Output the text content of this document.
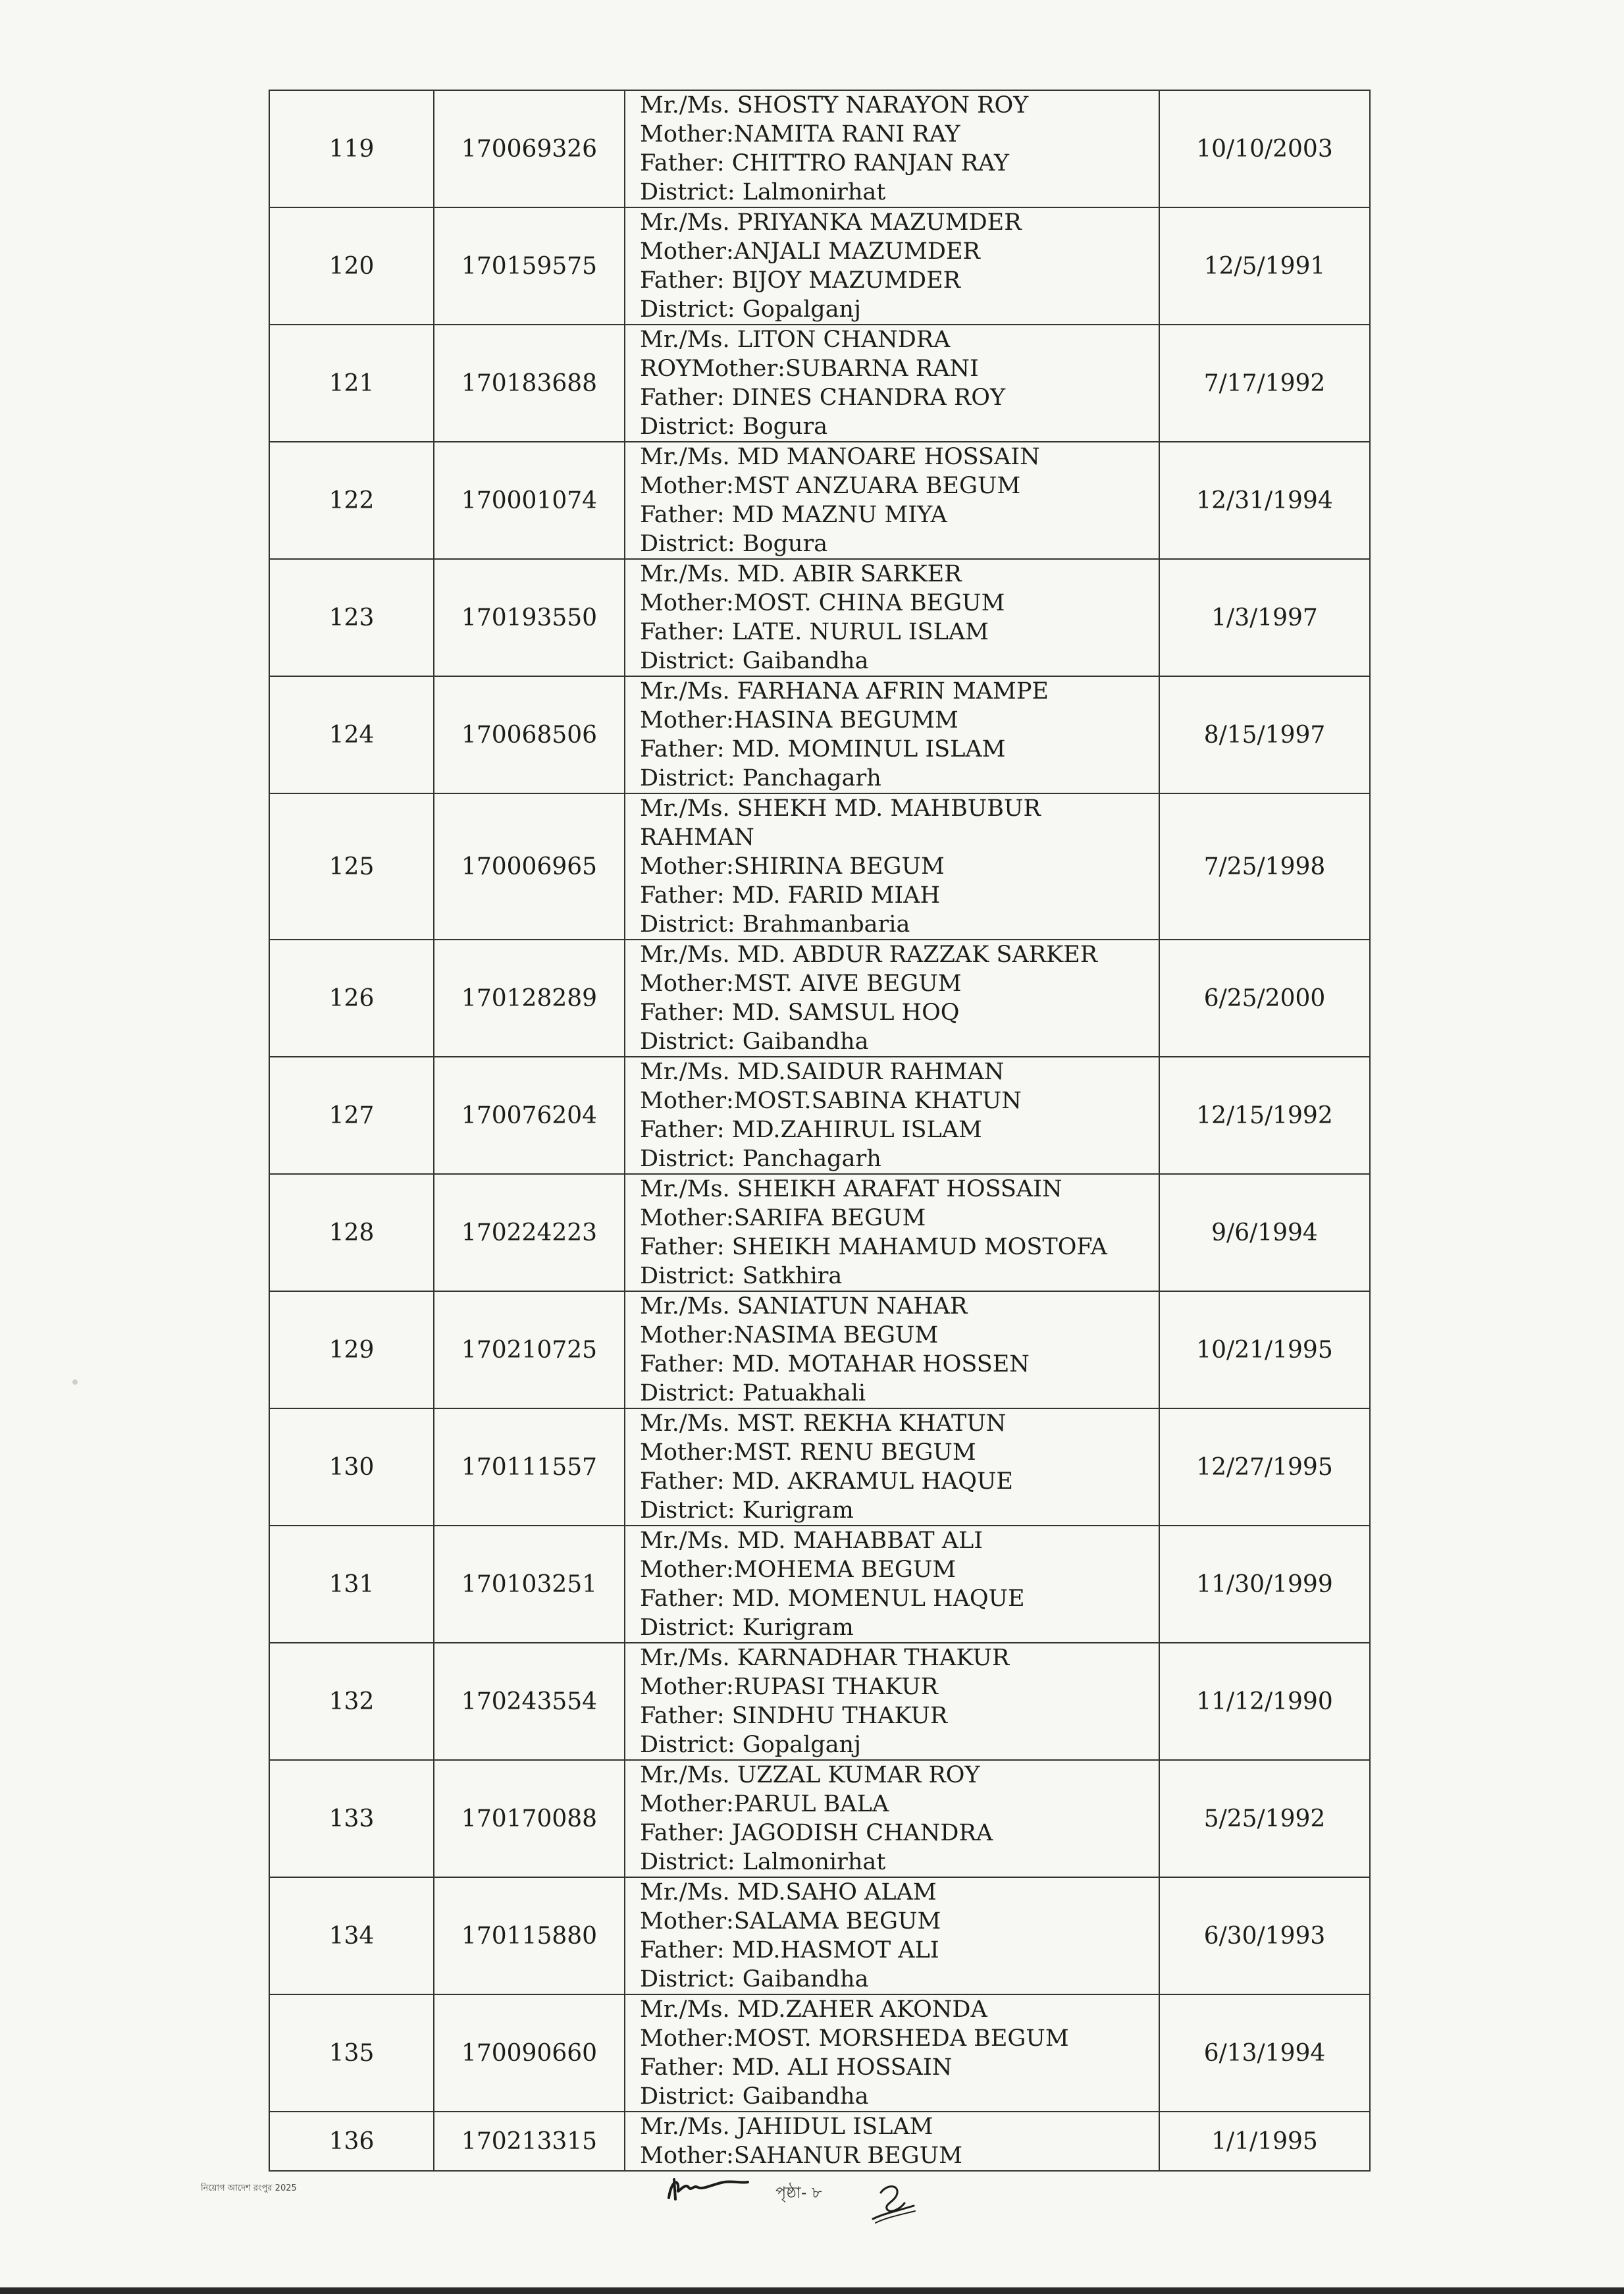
119	170069326	Mr./Ms. SHOSTY NARAYON ROY
Mother:NAMITA RANI RAY
Father: CHITTRO RANJAN RAY
District: Lalmonirhat	10/10/2003
120	170159575	Mr./Ms. PRIYANKA MAZUMDER
Mother:ANJALI MAZUMDER
Father: BIJOY MAZUMDER
District: Gopalganj	12/5/1991
121	170183688	Mr./Ms. LITON CHANDRA
ROYMother:SUBARNA RANI
Father: DINES CHANDRA ROY
District: Bogura	7/17/1992
122	170001074	Mr./Ms. MD MANOARE HOSSAIN
Mother:MST ANZUARA BEGUM
Father: MD MAZNU MIYA
District: Bogura	12/31/1994
123	170193550	Mr./Ms. MD. ABIR SARKER
Mother:MOST. CHINA BEGUM
Father: LATE. NURUL ISLAM
District: Gaibandha	1/3/1997
124	170068506	Mr./Ms. FARHANA AFRIN MAMPE
Mother:HASINA BEGUMM
Father: MD. MOMINUL ISLAM
District: Panchagarh	8/15/1997
125	170006965	Mr./Ms. SHEKH MD. MAHBUBUR
RAHMAN
Mother:SHIRINA BEGUM
Father: MD. FARID MIAH
District: Brahmanbaria	7/25/1998
126	170128289	Mr./Ms. MD. ABDUR RAZZAK SARKER
Mother:MST. AIVE BEGUM
Father: MD. SAMSUL HOQ
District: Gaibandha	6/25/2000
127	170076204	Mr./Ms. MD.SAIDUR RAHMAN
Mother:MOST.SABINA KHATUN
Father: MD.ZAHIRUL ISLAM
District: Panchagarh	12/15/1992
128	170224223	Mr./Ms. SHEIKH ARAFAT HOSSAIN
Mother:SARIFA BEGUM
Father: SHEIKH MAHAMUD MOSTOFA
District: Satkhira	9/6/1994
129	170210725	Mr./Ms. SANIATUN NAHAR
Mother:NASIMA BEGUM
Father: MD. MOTAHAR HOSSEN
District: Patuakhali	10/21/1995
130	170111557	Mr./Ms. MST. REKHA KHATUN
Mother:MST. RENU BEGUM
Father: MD. AKRAMUL HAQUE
District: Kurigram	12/27/1995
131	170103251	Mr./Ms. MD. MAHABBAT ALI
Mother:MOHEMA BEGUM
Father: MD. MOMENUL HAQUE
District: Kurigram	11/30/1999
132	170243554	Mr./Ms. KARNADHAR THAKUR
Mother:RUPASI THAKUR
Father: SINDHU THAKUR
District: Gopalganj	11/12/1990
133	170170088	Mr./Ms. UZZAL KUMAR ROY
Mother:PARUL BALA
Father: JAGODISH CHANDRA
District: Lalmonirhat	5/25/1992
134	170115880	Mr./Ms. MD.SAHO ALAM
Mother:SALAMA BEGUM
Father: MD.HASMOT ALI
District: Gaibandha	6/30/1993
135	170090660	Mr./Ms. MD.ZAHER AKONDA
Mother:MOST. MORSHEDA BEGUM
Father: MD. ALI HOSSAIN
District: Gaibandha	6/13/1994
136	170213315	Mr./Ms. JAHIDUL ISLAM
Mother:SAHANUR BEGUM	1/1/1995
নিয়োগ আদেশ রংপুর 2025	পৃষ্ঠা- ৮
